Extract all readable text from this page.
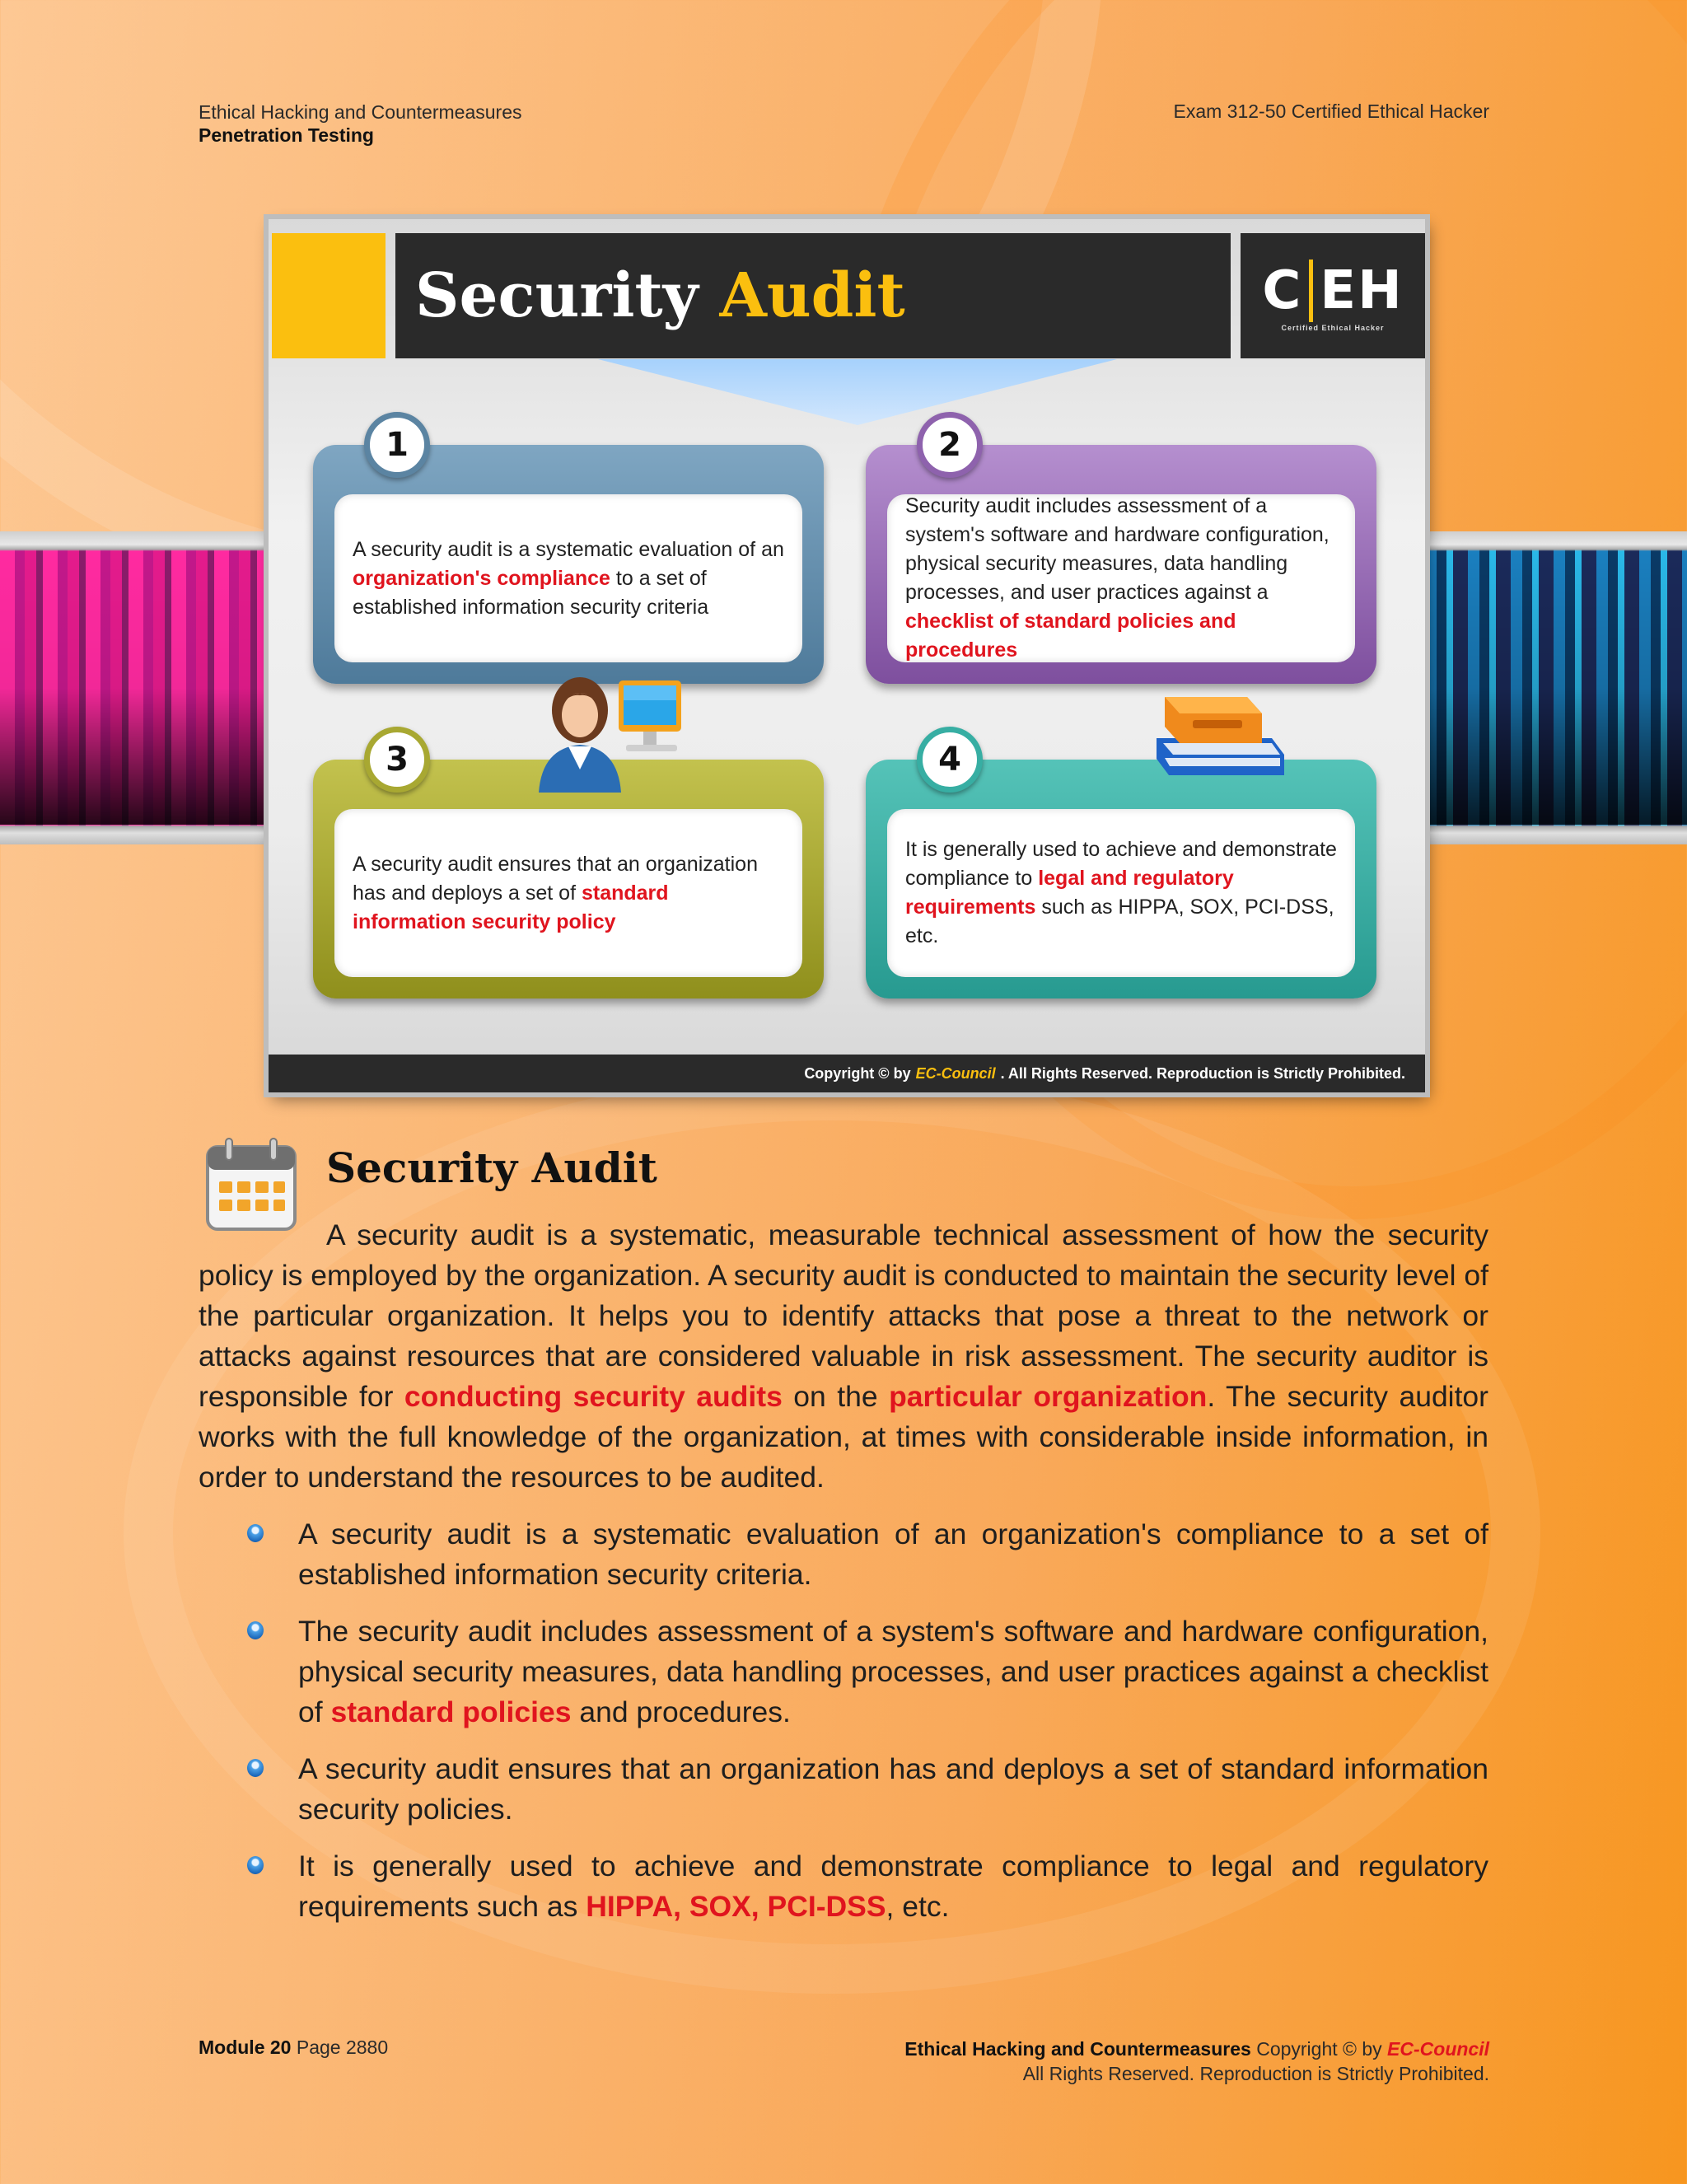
Ethical Hacking and Countermeasures
Penetration Testing
Exam 312-50 Certified Ethical Hacker
Security Audit	C EH
Certified Ethical Hacker
1
A security audit is a systematic evaluation of an organization's compliance to a set of established information security criteria
2
Security audit includes assessment of a system's software and hardware configuration, physical security measures, data handling processes, and user practices against a checklist of standard policies and procedures
3
A security audit ensures that an organization has and deploys a set of standard information security policy
4
It is generally used to achieve and demonstrate compliance to legal and regulatory requirements such as HIPPA, SOX, PCI-DSS, etc.
Copyright © by EC-Council . All Rights Reserved. Reproduction is Strictly Prohibited.
Security Audit

A security audit is a systematic, measurable technical assessment of how the security policy is employed by the organization. A security audit is conducted to maintain the security level of the particular organization. It helps you to identify attacks that pose a threat to the network or attacks against resources that are considered valuable in risk assessment. The security auditor is responsible for conducting security audits on the particular organization. The security auditor works with the full knowledge of the organization, at times with considerable inside information, in order to understand the resources to be audited.

A security audit is a systematic evaluation of an organization's compliance to a set of established information security criteria.
The security audit includes assessment of a system's software and hardware configuration, physical security measures, data handling processes, and user practices against a checklist of standard policies and procedures.
A security audit ensures that an organization has and deploys a set of standard information security policies.
It is generally used to achieve and demonstrate compliance to legal and regulatory requirements such as HIPPA, SOX, PCI-DSS, etc.
Module 20 Page 2880	Ethical Hacking and Countermeasures Copyright © by EC-Council
All Rights Reserved. Reproduction is Strictly Prohibited.
